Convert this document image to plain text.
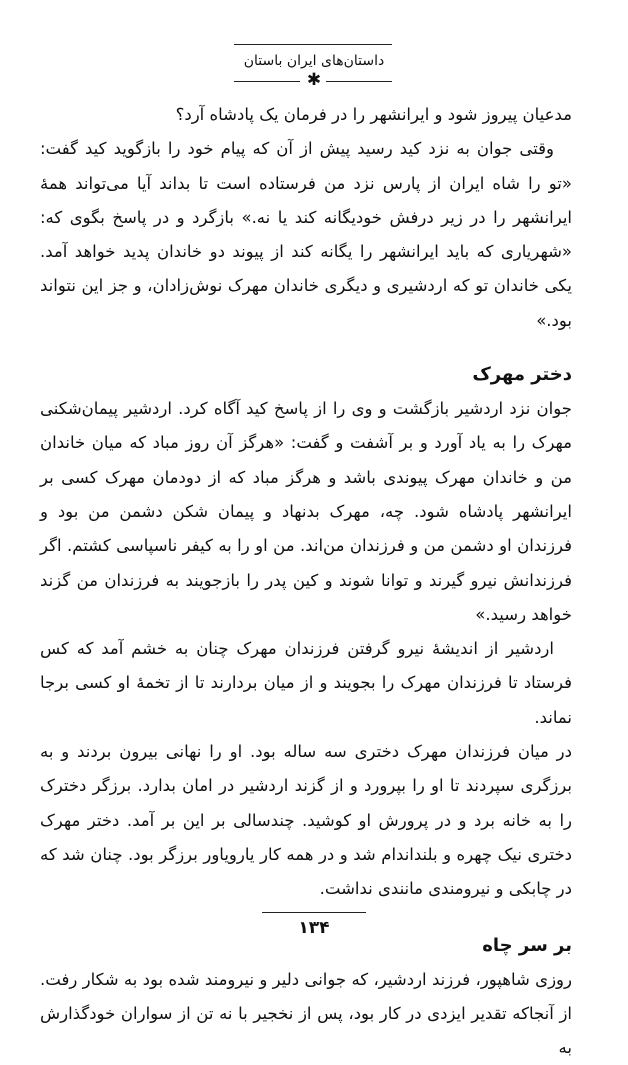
داستان‌های ایران باستان
✱

مدعیان پیروز شود و ایرانشهر را در فرمان یک پادشاه آرد؟

وقتی جوان به نزد کید رسید پیش از آن که پیام خود را بازگوید کید گفت: «تو را شاه ایران از پارس نزد من فرستاده است تا بداند آیا می‌تواند همهٔ ایرانشهر را در زیر درفش خودیگانه کند یا نه.» بازگرد و در پاسخ بگوی که: «شهریاری که باید ایرانشهر را یگانه کند از پیوند دو خاندان پدید خواهد آمد. یکی خاندان تو که اردشیری و دیگری خاندان مهرک نوش‌زادان، و جز این نتواند بود.»

دختر مهرک

جوان نزد اردشیر بازگشت و وی را از پاسخ کید آگاه کرد. اردشیر پیمان‌شکنی مهرک را به یاد آورد و بر آشفت و گفت: «هرگز آن روز مباد که میان خاندان من و خاندان مهرک پیوندی باشد و هرگز مباد که از دودمان مهرک کسی بر ایرانشهر پادشاه شود. چه، مهرک بدنهاد و پیمان شکن دشمن من بود و فرزندان او دشمن من و فرزندان من‌اند. من او را به کیفر ناسپاسی کشتم. اگر فرزندانش نیرو گیرند و توانا شوند و کین پدر را بازجویند به فرزندان من گزند خواهد رسید.»

اردشیر از اندیشهٔ نیرو گرفتن فرزندان مهرک چنان به خشم آمد که کس فرستاد تا فرزندان مهرک را بجویند و از میان بردارند تا از تخمهٔ او کسی برجا نماند.

در میان فرزندان مهرک دختری سه ساله بود. او را نهانی بیرون بردند و به برزگری سپردند تا او را بپرورد و از گزند اردشیر در امان بدارد. برزگر دخترک را به خانه برد و در پرورش او کوشید. چندسالی بر این بر آمد. دختر مهرک دختری نیک چهره و بلنداندام شد و در همه کار یارویاور برزگر بود. چنان شد که در چابکی و نیرومندی مانندی نداشت.

بر سر چاه

روزی شاهپور، فرزند اردشیر، که جوانی دلیر و نیرومند شده بود به شکار رفت. از آنجاکه تقدیر ایزدی در کار بود، پس از نخجیر با نه تن از سواران خودگذارش به

۱۳۴
